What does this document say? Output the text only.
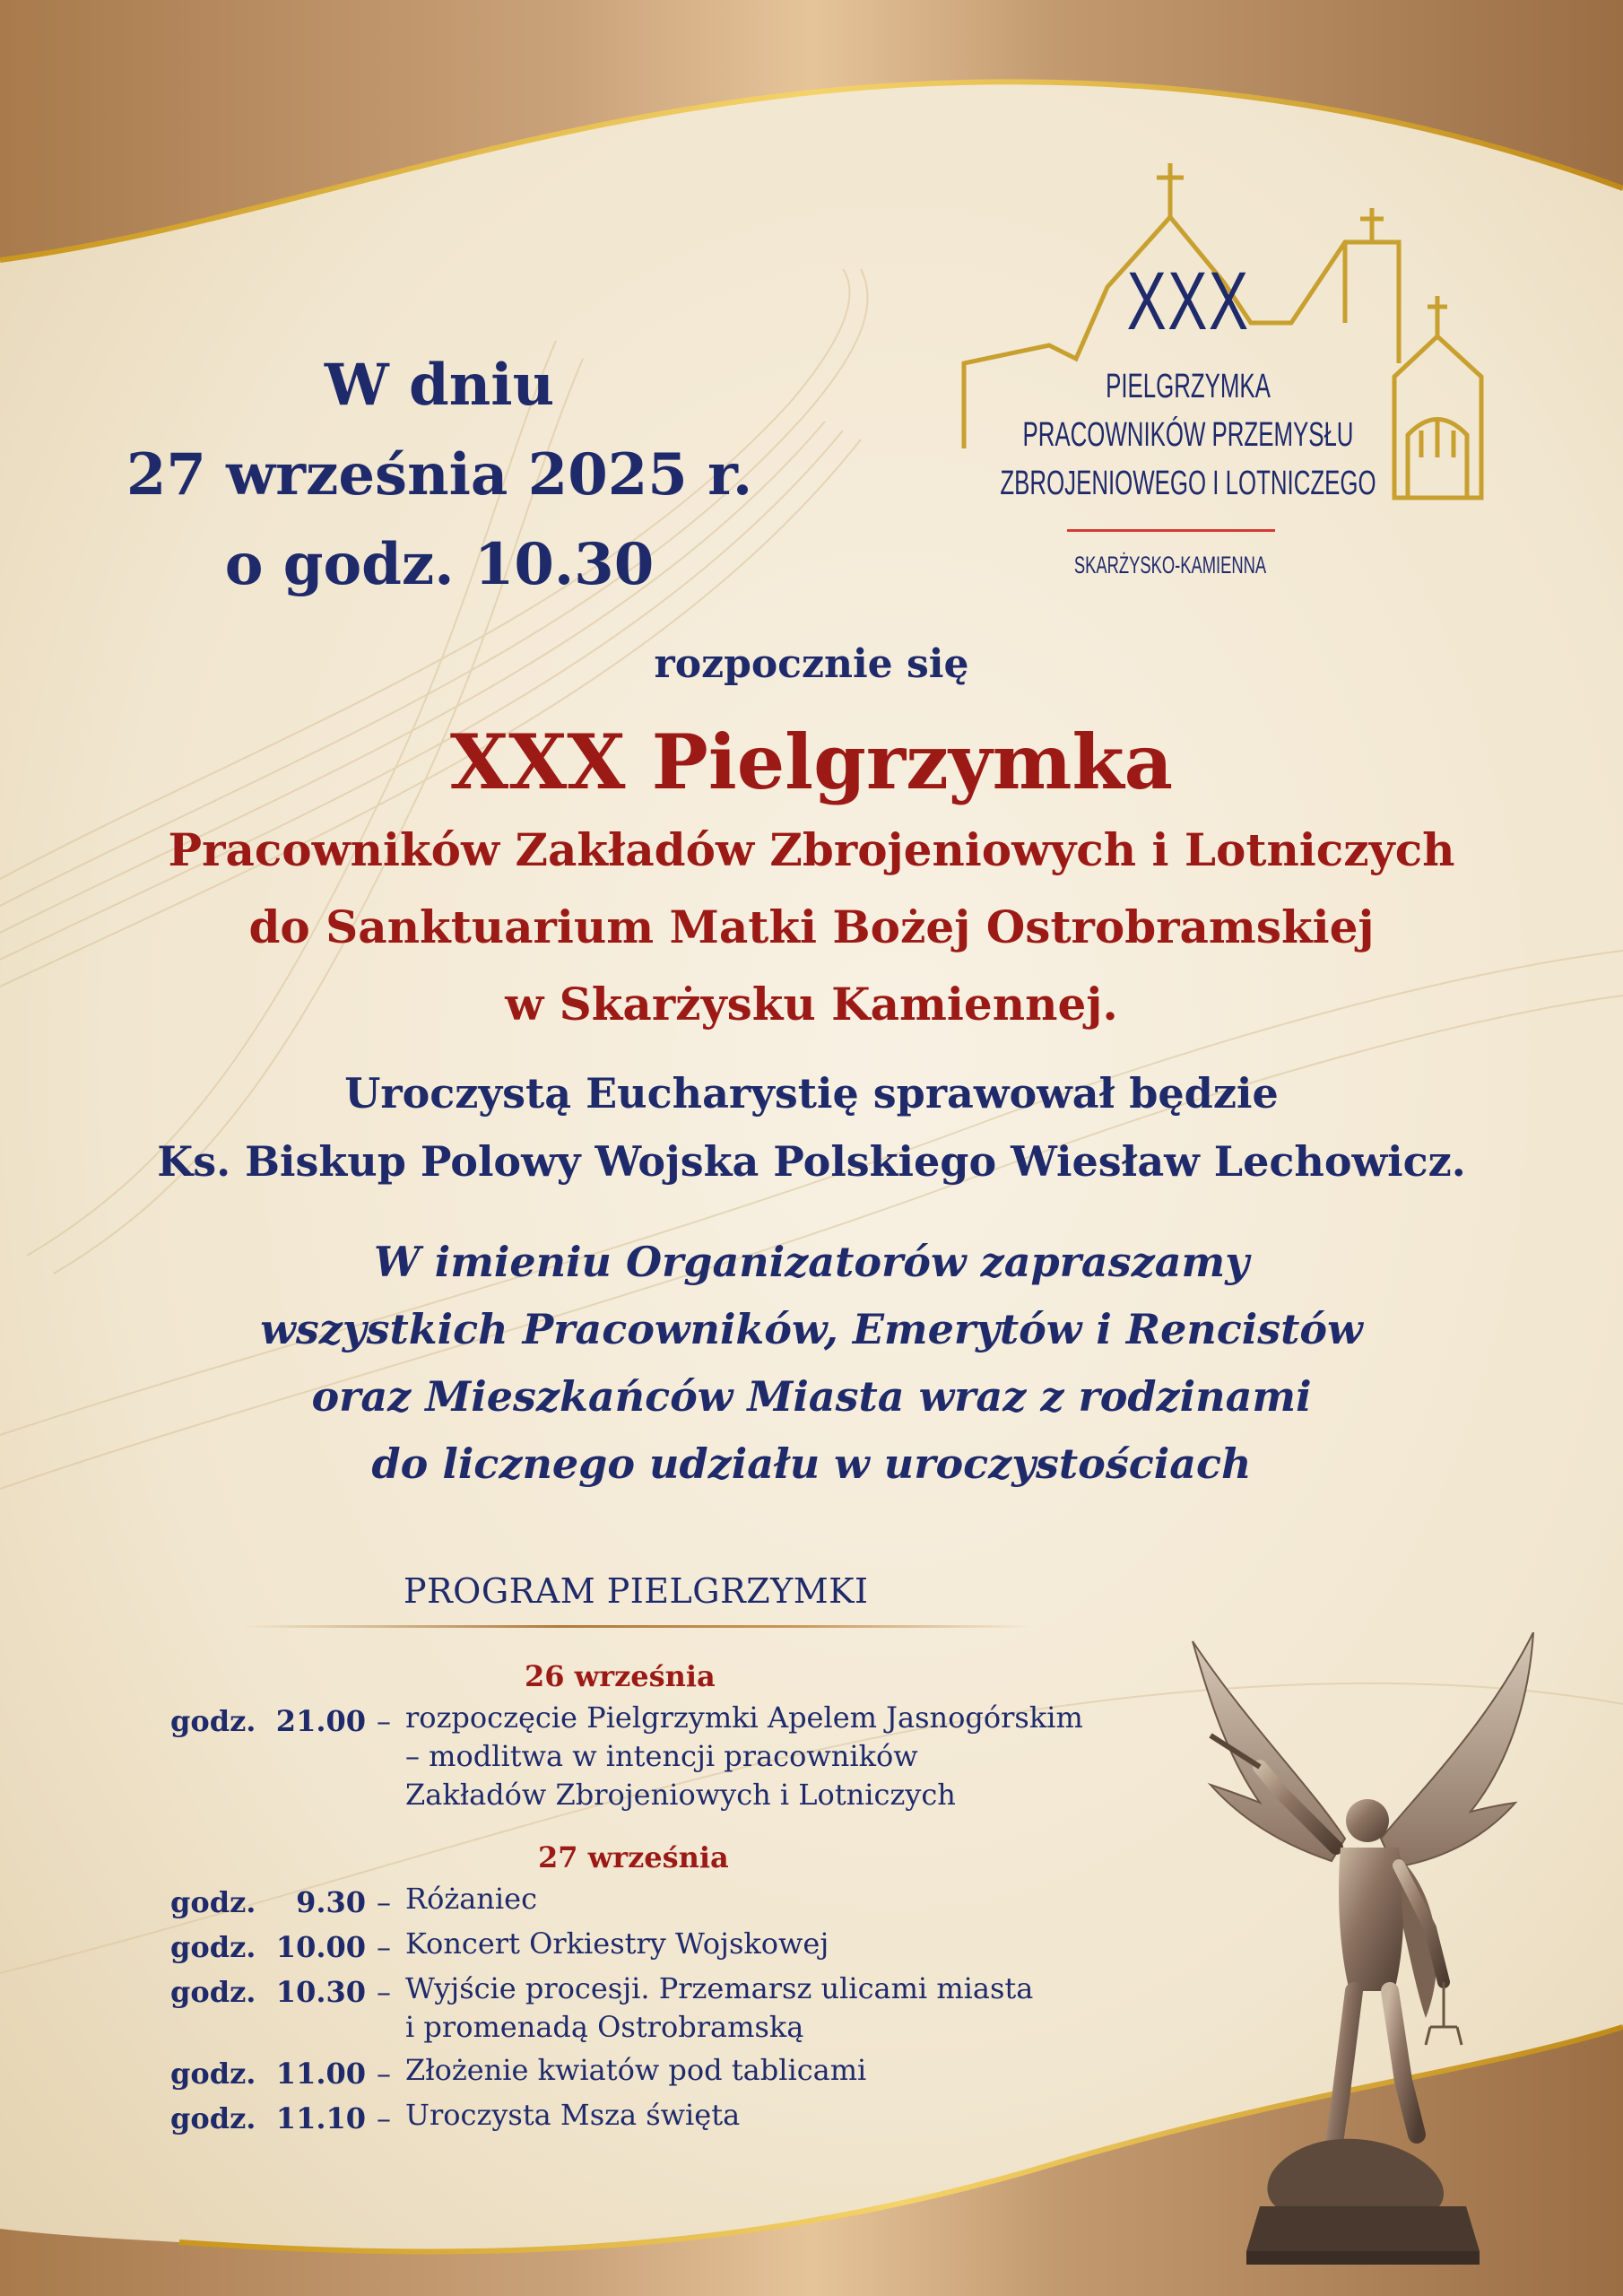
XXX
PIELGRZYMKA
PRACOWNIKÓW PRZEMYSŁU
ZBROJENIOWEGO I LOTNICZEGO
SKARŻYSKO-KAMIENNA
W dniu
27 września 2025 r.
o godz. 10.30
rozpocznie się
XXX Pielgrzymka
Pracowników Zakładów Zbrojeniowych i Lotniczych
do Sanktuarium Matki Bożej Ostrobramskiej
w Skarżysku Kamiennej.
Uroczystą Eucharystię sprawował będzie
Ks. Biskup Polowy Wojska Polskiego Wiesław Lechowicz.
W imieniu Organizatorów zapraszamy
wszystkich Pracowników, Emerytów i Rencistów
oraz Mieszkańców Miasta wraz z rodzinami
do licznego udziału w uroczystościach
PROGRAM PIELGRZYMKI
26 września
27 września
godz. 21.00 – rozpoczęcie Pielgrzymki Apelem Jasnogórskim
– modlitwa w intencji pracowników
Zakładów Zbrojeniowych i Lotniczych
godz. 9.30 – Różaniec
godz. 10.00 – Koncert Orkiestry Wojskowej
godz. 10.30 – Wyjście procesji. Przemarsz ulicami miasta
i promenadą Ostrobramską
godz. 11.00 – Złożenie kwiatów pod tablicami
godz. 11.10 – Uroczysta Msza święta
